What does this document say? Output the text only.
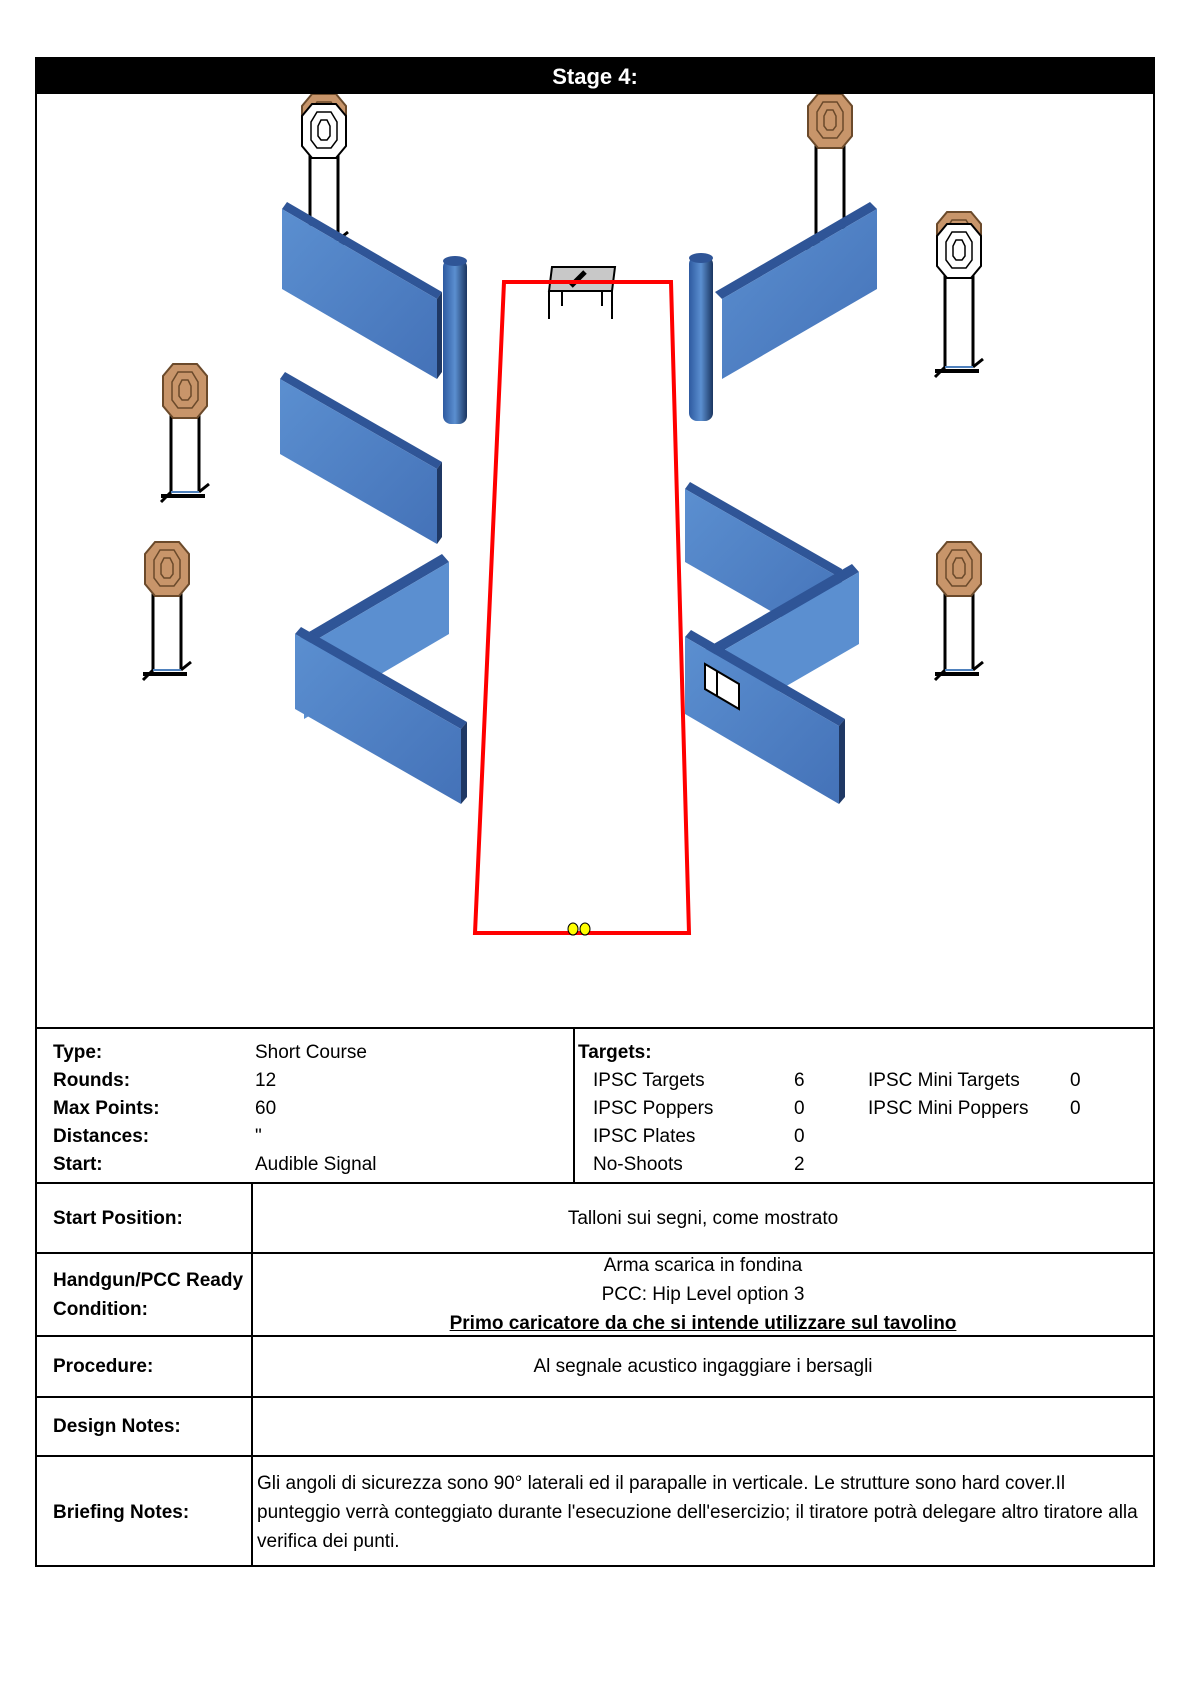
Stage 4:
Type:	Short Course
Rounds:	12
Max Points:	60
Distances:	"
Start:	Audible Signal
Targets:
IPSC Targets	6
IPSC Poppers	0
IPSC Plates	0
No-Shoots	2
IPSC Mini Targets	0
IPSC Mini Poppers 0
Start Position:	Talloni sui segni, come mostrato
Handgun/PCC Ready
Condition:
Arma scarica in fondina
PCC: Hip Level option 3
Primo caricatore da che si intende utilizzare sul tavolino
Procedure:	Al segnale acustico ingaggiare i bersagli
Design Notes:
Briefing Notes:
Gli angoli di sicurezza sono 90° laterali ed il parapalle in verticale. Le strutture sono hard cover.Il punteggio verrà conteggiato durante l'esecuzione dell'esercizio; il tiratore potrà delegare altro tiratore alla verifica dei punti.
